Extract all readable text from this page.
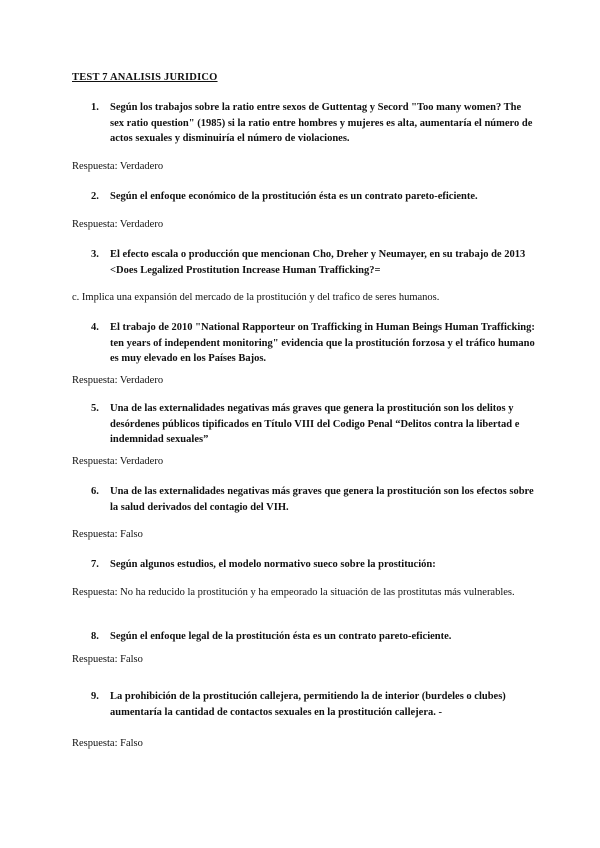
TEST 7 ANALISIS JURIDICO
1.	Según los trabajos sobre la ratio entre sexos de Guttentag y Secord "Too many women? The sex ratio question" (1985) si la ratio entre hombres y mujeres es alta, aumentaría el número de actos sexuales y disminuiría el número de violaciones.
Respuesta: Verdadero
2.	Según el enfoque económico de la prostitución ésta es un contrato pareto-eficiente.
Respuesta: Verdadero
3.	El efecto escala o producción que mencionan Cho, Dreher y Neumayer, en su trabajo de 2013 <Does Legalized Prostitution Increase Human Trafficking?=
c. Implica una expansión del mercado de la prostitución y del trafico de seres humanos.
4.	El trabajo de 2010 "National Rapporteur on Trafficking in Human Beings Human Trafficking: ten years of independent monitoring" evidencia que la prostitución forzosa y el tráfico humano es muy elevado en los Países Bajos.
Respuesta: Verdadero
5.	Una de las externalidades negativas más graves que genera la prostitución son los delitos y desórdenes públicos tipificados en Título VIII del Codigo Penal “Delitos contra la libertad e indemnidad sexuales”
Respuesta: Verdadero
6.	Una de las externalidades negativas más graves que genera la prostitución son los efectos sobre la salud derivados del contagio del VIH.
Respuesta: Falso
7.	Según algunos estudios, el modelo normativo sueco sobre la prostitución:
Respuesta: No ha reducido la prostitución y ha empeorado la situación de las prostitutas más vulnerables.
8.	Según el enfoque legal de la prostitución ésta es un contrato pareto-eficiente.
Respuesta: Falso
9.	La prohibición de la prostitución callejera, permitiendo la de interior (burdeles o clubes) aumentaría la cantidad de contactos sexuales en la prostitución callejera. -
Respuesta: Falso
